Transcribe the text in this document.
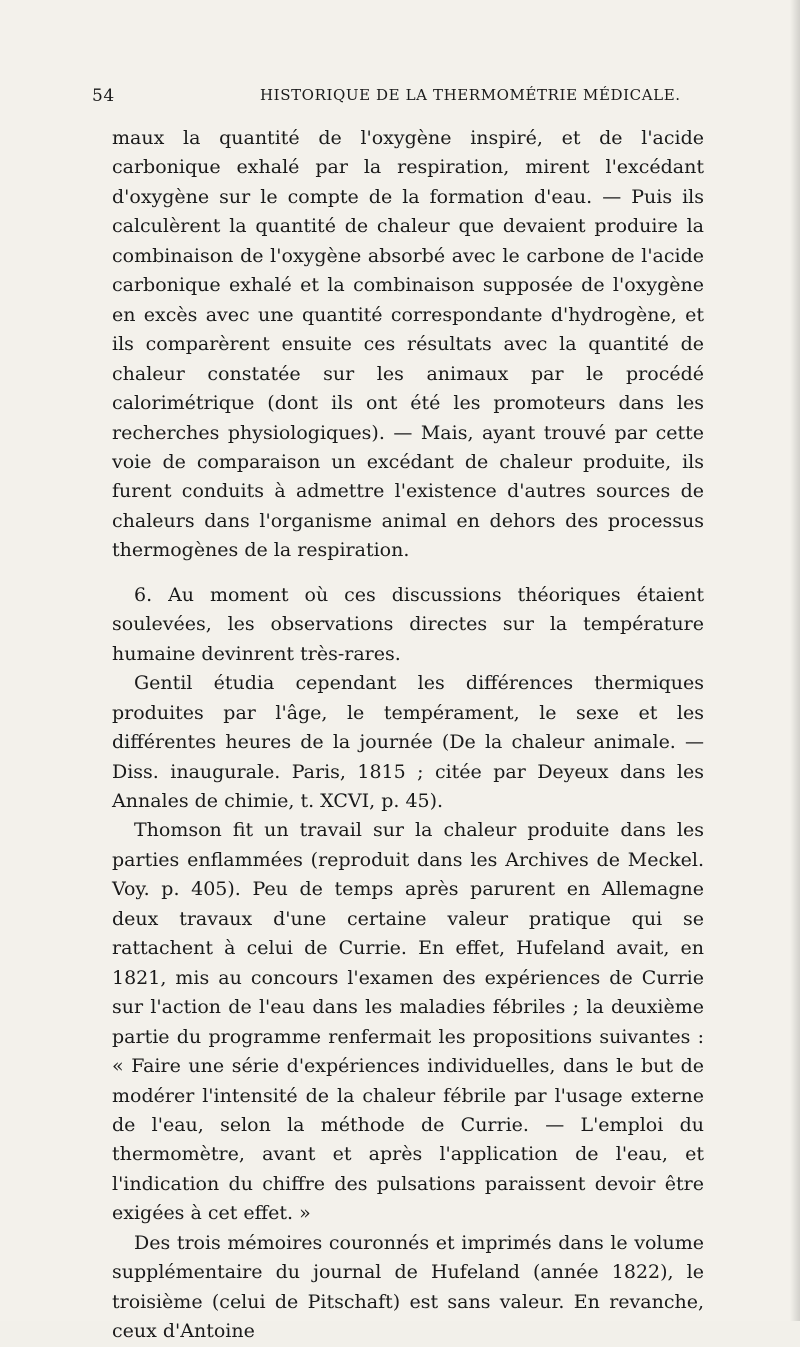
54	HISTORIQUE DE LA THERMOMÉTRIE MÉDICALE.

maux la quantité de l'oxygène inspiré, et de l'acide carbonique exhalé par la respiration, mirent l'excédant d'oxygène sur le compte de la formation d'eau. — Puis ils calculèrent la quantité de chaleur que devaient produire la combinaison de l'oxygène absorbé avec le carbone de l'acide carbonique exhalé et la combinaison supposée de l'oxygène en excès avec une quantité correspondante d'hydrogène, et ils comparèrent ensuite ces résultats avec la quantité de chaleur constatée sur les animaux par le procédé calorimétrique (dont ils ont été les promoteurs dans les recherches physiologiques). — Mais, ayant trouvé par cette voie de comparaison un excédant de chaleur produite, ils furent conduits à admettre l'existence d'autres sources de chaleurs dans l'organisme animal en dehors des processus thermogènes de la respiration.

6. Au moment où ces discussions théoriques étaient soulevées, les observations directes sur la température humaine devinrent très-rares.

Gentil étudia cependant les différences thermiques produites par l'âge, le tempérament, le sexe et les différentes heures de la journée (De la chaleur animale. — Diss. inaugurale. Paris, 1815 ; citée par Deyeux dans les Annales de chimie, t. XCVI, p. 45).

Thomson fit un travail sur la chaleur produite dans les parties enflammées (reproduit dans les Archives de Meckel. Voy. p. 405). Peu de temps après parurent en Allemagne deux travaux d'une certaine valeur pratique qui se rattachent à celui de Currie. En effet, Hufeland avait, en 1821, mis au concours l'examen des expériences de Currie sur l'action de l'eau dans les maladies fébriles ; la deuxième partie du programme renfermait les propositions suivantes : « Faire une série d'expériences individuelles, dans le but de modérer l'intensité de la chaleur fébrile par l'usage externe de l'eau, selon la méthode de Currie. — L'emploi du thermomètre, avant et après l'application de l'eau, et l'indication du chiffre des pulsations paraissent devoir être exigées à cet effet. »

Des trois mémoires couronnés et imprimés dans le volume supplémentaire du journal de Hufeland (année 1822), le troisième (celui de Pitschaft) est sans valeur. En revanche, ceux d'Antoine
